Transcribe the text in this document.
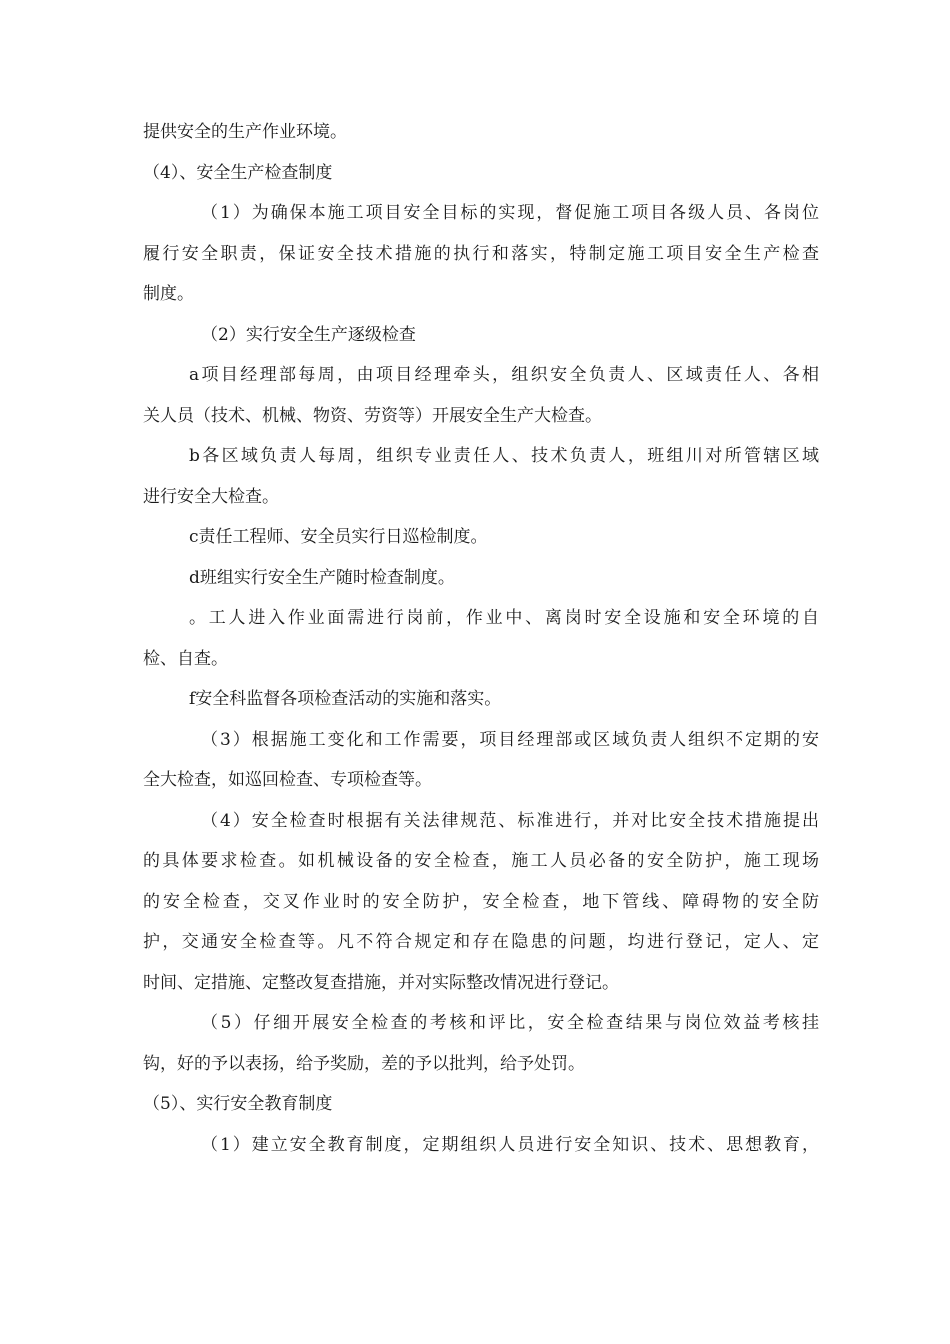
提供安全的生产作业环境。
（4）、安全生产检查制度
（1）为确保本施工项目安全目标的实现，督促施工项目各级人员、各岗位
履行安全职责，保证安全技术措施的执行和落实，特制定施工项目安全生产检查
制度。
（2）实行安全生产逐级检查
a项目经理部每周，由项目经理牵头，组织安全负责人、区域责任人、各相
关人员（技术、机械、物资、劳资等）开展安全生产大检查。
b各区域负责人每周，组织专业责任人、技术负责人，班组川对所管辖区域
进行安全大检查。
c责任工程师、安全员实行日巡检制度。
d班组实行安全生产随时检查制度。
。工人进入作业面需进行岗前，作业中、离岗时安全设施和安全环境的自
检、自查。
f安全科监督各项检查活动的实施和落实。
（3）根据施工变化和工作需要，项目经理部或区域负责人组织不定期的安
全大检查，如巡回检查、专项检查等。
（4）安全检查时根据有关法律规范、标准进行，并对比安全技术措施提出
的具体要求检查。如机械设备的安全检查，施工人员必备的安全防护，施工现场
的安全检查，交叉作业时的安全防护，安全检查，地下管线、障碍物的安全防
护，交通安全检查等。凡不符合规定和存在隐患的问题，均进行登记，定人、定
时间、定措施、定整改复查措施，并对实际整改情况进行登记。
（5）仔细开展安全检查的考核和评比，安全检查结果与岗位效益考核挂
钩，好的予以表扬，给予奖励，差的予以批判，给予处罚。
（5）、实行安全教育制度
（1）建立安全教育制度，定期组织人员进行安全知识、技术、思想教育，
